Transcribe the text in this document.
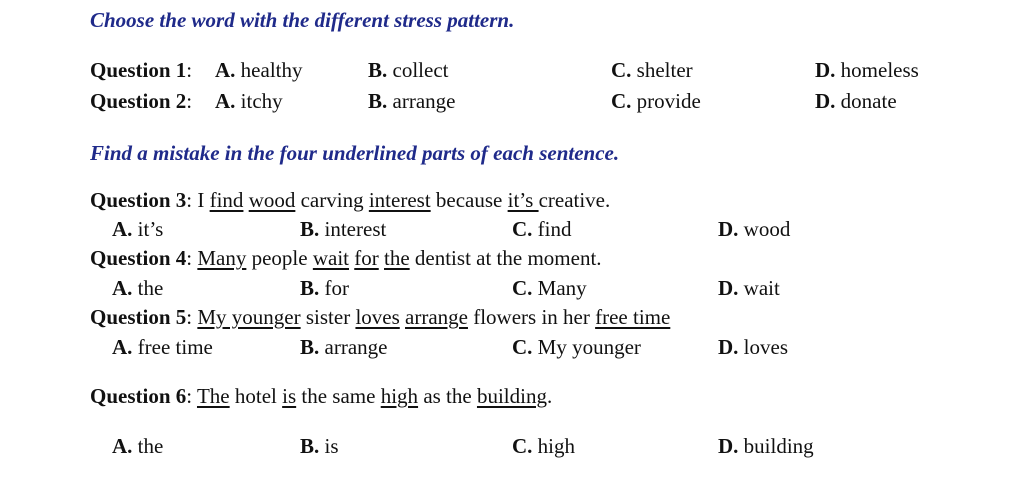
Choose the word with the different stress pattern.
Question 1: A. healthy	B. collect	C. shelter	D. homeless
Question 2: A. itchy	B. arrange	C. provide	D. donate
Find a mistake in the four underlined parts of each sentence.
Question 3: I find wood carving interest because it’s creative.
A. it’s	B. interest	C. find	D. wood
Question 4: Many people wait for the dentist at the moment.
A. the	B. for	C. Many	D. wait
Question 5: My younger sister loves arrange flowers in her free time
A. free time	B. arrange	C. My younger	D. loves
Question 6: The hotel is the same high as the building.
A. the	B. is	C. high	D. building
